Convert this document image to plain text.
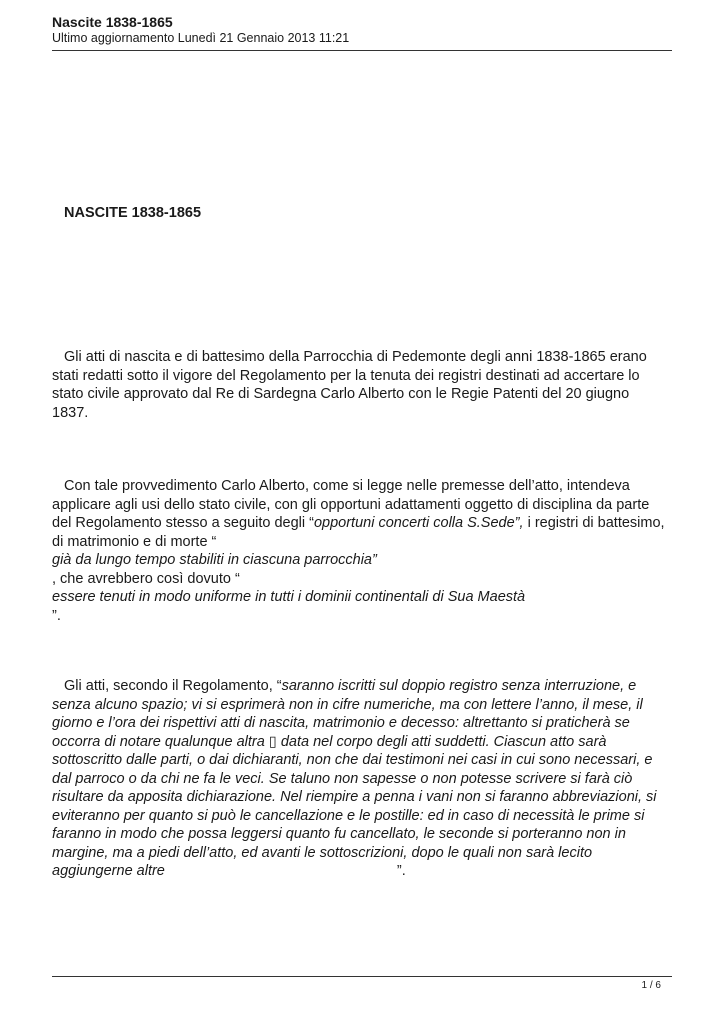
Nascite 1838-1865
Ultimo aggiornamento Lunedì 21 Gennaio 2013 11:21
NASCITE 1838-1865
Gli atti di nascita e di battesimo della Parrocchia di Pedemonte degli anni 1838-1865 erano
stati redatti sotto il vigore del Regolamento per la tenuta dei registri destinati ad accertare lo
stato civile approvato dal Re di Sardegna Carlo Alberto con le Regie Patenti del 20 giugno
1837.
Con tale provvedimento Carlo Alberto, come si legge nelle premesse dell’atto, intendeva
applicare agli usi dello stato civile, con gli opportuni adattamenti oggetto di disciplina da parte
del Regolamento stesso a seguito degli “opportuni concerti colla S.Sede”, i registri di battesimo,
di matrimonio e di morte “
già da lungo tempo stabiliti in ciascuna parrocchia”
, che avrebbero così dovuto “
essere tenuti in modo uniforme in tutti i dominii continentali di Sua Maestà
”.
Gli atti, secondo il Regolamento, “saranno iscritti sul doppio registro senza interruzione, e
senza alcuno spazio; vi si esprimerà non in cifre numeriche, ma con lettere l’anno, il mese, il
giorno e l’ora dei rispettivi atti di nascita, matrimonio e decesso: altrettanto si praticherà se
occorra di notare qualunque altra ▯ data nel corpo degli atti suddetti. Ciascun atto sarà
sottoscritto dalle parti, o dai dichiaranti, non che dai testimoni nei casi in cui sono necessari, e
dal parroco o da chi ne fa le veci. Se taluno non sapesse o non potesse scrivere si farà ciò
risultare da apposita dichiarazione. Nel riempire a penna i vani non si faranno abbreviazioni, si
eviteranno per quanto si può le cancellazione e le postille: ed in caso di necessità le prime si
faranno in modo che possa leggersi quanto fu cancellato, le seconde si porteranno non in
margine, ma a piedi dell’atto, ed avanti le sottoscrizioni, dopo le quali non sarà lecito
aggiungerne altre	”.
1 / 6
